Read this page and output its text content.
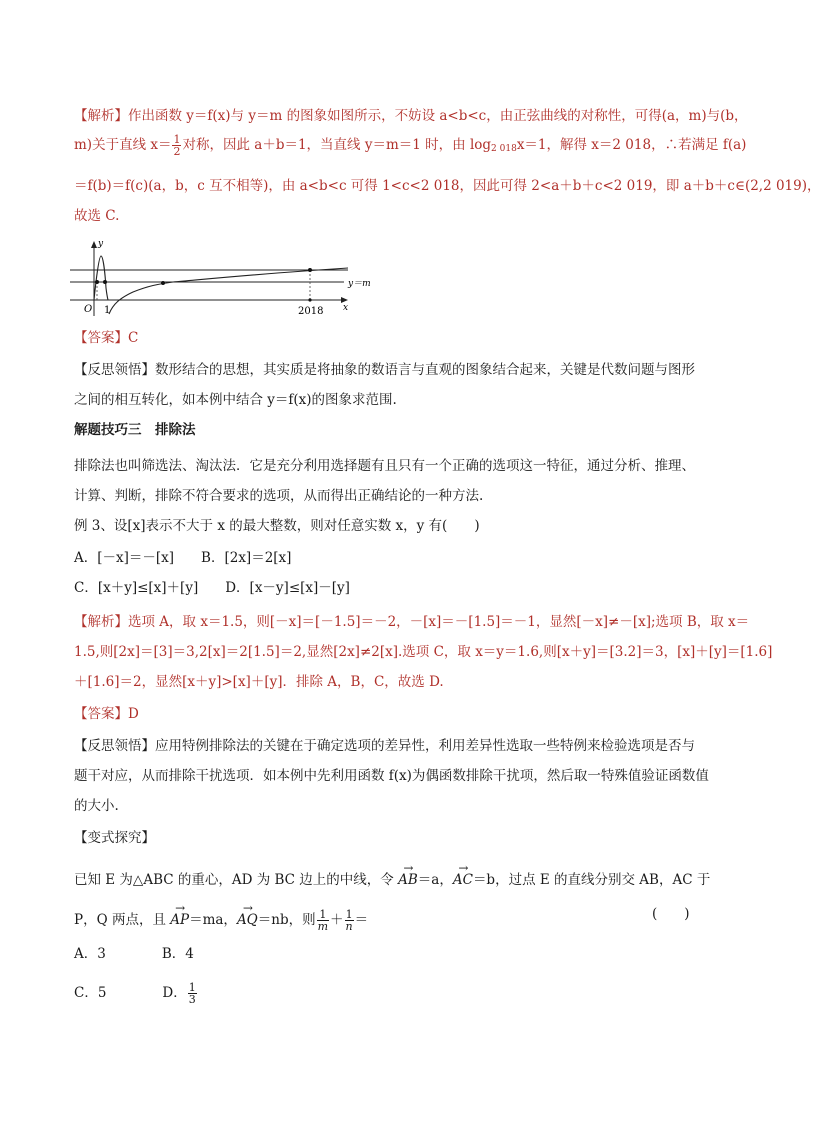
【解析】作出函数 y＝f(x)与 y＝m 的图象如图所示，不妨设 a<b<c，由正弦曲线的对称性，可得(a，m)与(b，
m)关于直线 $x= \frac{1}{2}$ 对称，因此 a＋b＝1，当直线 y＝m＝1 时，由 $\log_{2 018}x=1$，解得 x＝2 018，∴若满足 f(a)
＝f(b)＝f(c)(a，b，c 互不相等)，由 a<b<c 可得 1<c<2 018，因此可得 2<a＋b＋c<2 019，即 a＋b＋c∈(2,2 019)，
故选 C.
y
x
O 1	2018
y＝m
【答案】C
【反思领悟】数形结合的思想，其实质是将抽象的数语言与直观的图象结合起来，关键是代数问题与图形
之间的相互转化，如本例中结合 y＝f(x)的图象求范围.
解题技巧三　排除法
排除法也叫筛选法、淘汰法．它是充分利用选择题有且只有一个正确的选项这一特征，通过分析、推理、
计算、判断，排除不符合要求的选项，从而得出正确结论的一种方法.
例 3、设[x]表示不大于 x 的最大整数，则对任意实数 x，y 有(　　)
A．[－x]＝－[x]　　B．[2x]＝2[x]
C．[x＋y]≤[x]＋[y]　　D．[x－y]≤[x]－[y]
【解析】选项 A，取 x＝1.5，则[－x]＝[－1.5]＝－2，－[x]＝－[1.5]＝－1，显然[－x]≠－[x];选项 B，取 x＝
1.5,则[2x]＝[3]＝3,2[x]＝2[1.5]＝2,显然[2x]≠2[x].选项 C，取 x＝y＝1.6,则[x＋y]＝[3.2]＝3，[x]＋[y]＝[1.6]
＋[1.6]＝2，显然[x＋y]>[x]＋[y]．排除 A，B，C，故选 D.
【答案】D
【反思领悟】应用特例排除法的关键在于确定选项的差异性，利用差异性选取一些特例来检验选项是否与
题干对应，从而排除干扰选项．如本例中先利用函数 f(x)为偶函数排除干扰项，然后取一特殊值验证函数值
的大小.
【变式探究】
已知 E 为△ABC 的重心，AD 为 BC 边上的中线，令 → AB＝a，→ AC＝b，过点 E 的直线分别交 AB，AC 于
P，Q 两点，且 → AP＝ma，→ AQ＝nb，则 $\frac{1}{m} + \frac{1}{n}$ ＝	(　　)
A．3	B．4
C．5	D． $\frac{1}{3}$
